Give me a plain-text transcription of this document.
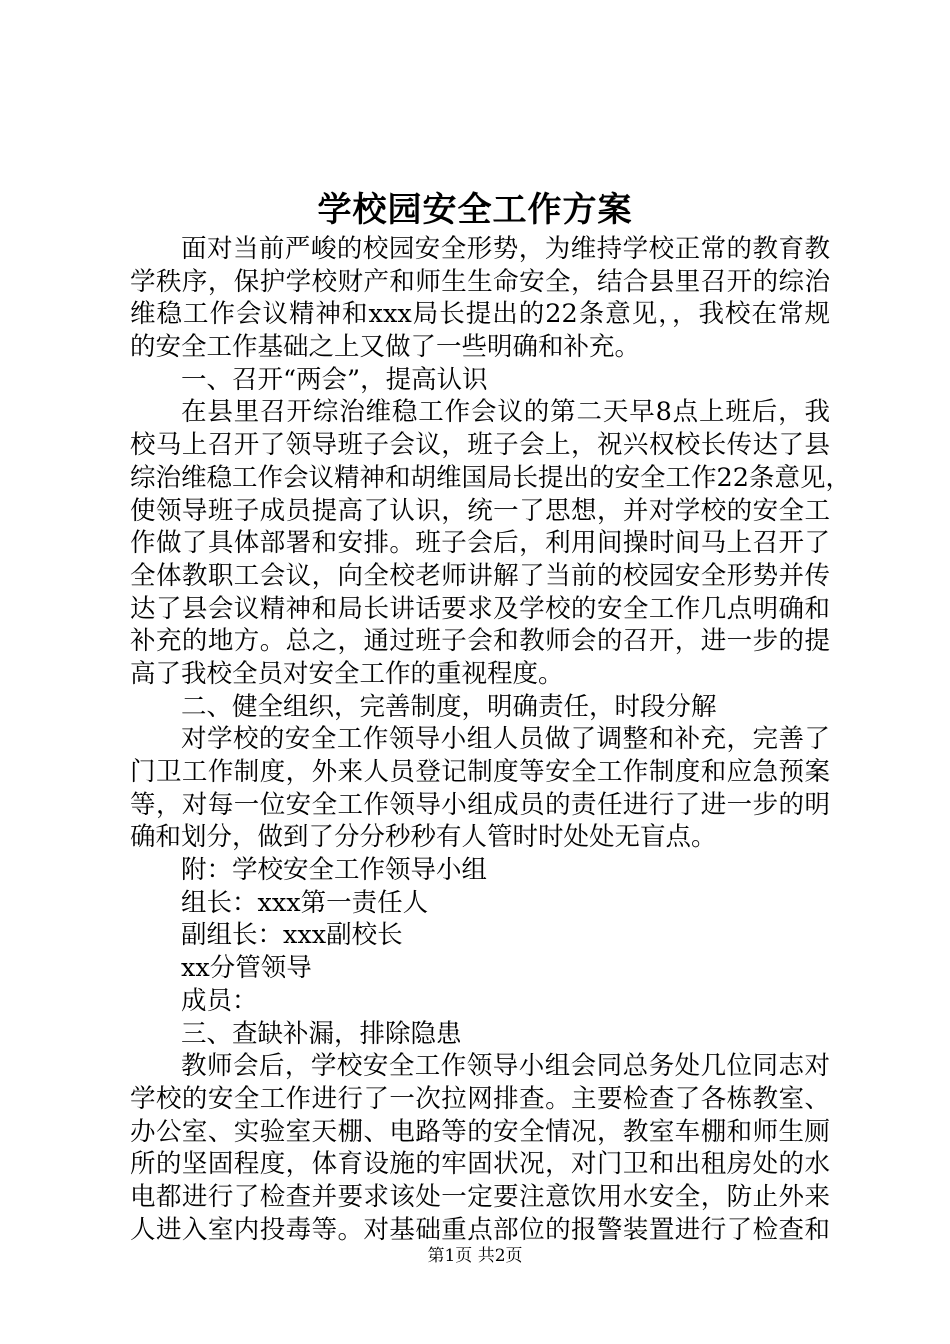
学校园安全工作方案
面对当前严峻的校园安全形势，为维持学校正常的教育教
学秩序，保护学校财产和师生生命安全，结合县里召开的综治
维稳工作会议精神和xxx局长提出的22条意见，，我校在常规
的安全工作基础之上又做了一些明确和补充。
一、召开“两会”，提高认识
在县里召开综治维稳工作会议的第二天早8点上班后，我
校马上召开了领导班子会议，班子会上，祝兴权校长传达了县
综治维稳工作会议精神和胡维国局长提出的安全工作22条意见，
使领导班子成员提高了认识，统一了思想，并对学校的安全工
作做了具体部署和安排。班子会后，利用间操时间马上召开了
全体教职工会议，向全校老师讲解了当前的校园安全形势并传
达了县会议精神和局长讲话要求及学校的安全工作几点明确和
补充的地方。总之，通过班子会和教师会的召开，进一步的提
高了我校全员对安全工作的重视程度。
二、健全组织，完善制度，明确责任，时段分解
对学校的安全工作领导小组人员做了调整和补充，完善了
门卫工作制度，外来人员登记制度等安全工作制度和应急预案
等，对每一位安全工作领导小组成员的责任进行了进一步的明
确和划分，做到了分分秒秒有人管时时处处无盲点。
附：学校安全工作领导小组
组长：xxx第一责任人
副组长：xxx副校长
xx分管领导
成员：
三、查缺补漏，排除隐患
教师会后，学校安全工作领导小组会同总务处几位同志对
学校的安全工作进行了一次拉网排查。主要检查了各栋教室、
办公室、实验室天棚、电路等的安全情况，教室车棚和师生厕
所的坚固程度，体育设施的牢固状况，对门卫和出租房处的水
电都进行了检查并要求该处一定要注意饮用水安全，防止外来
人进入室内投毒等。对基础重点部位的报警装置进行了检查和
第1页 共2页
